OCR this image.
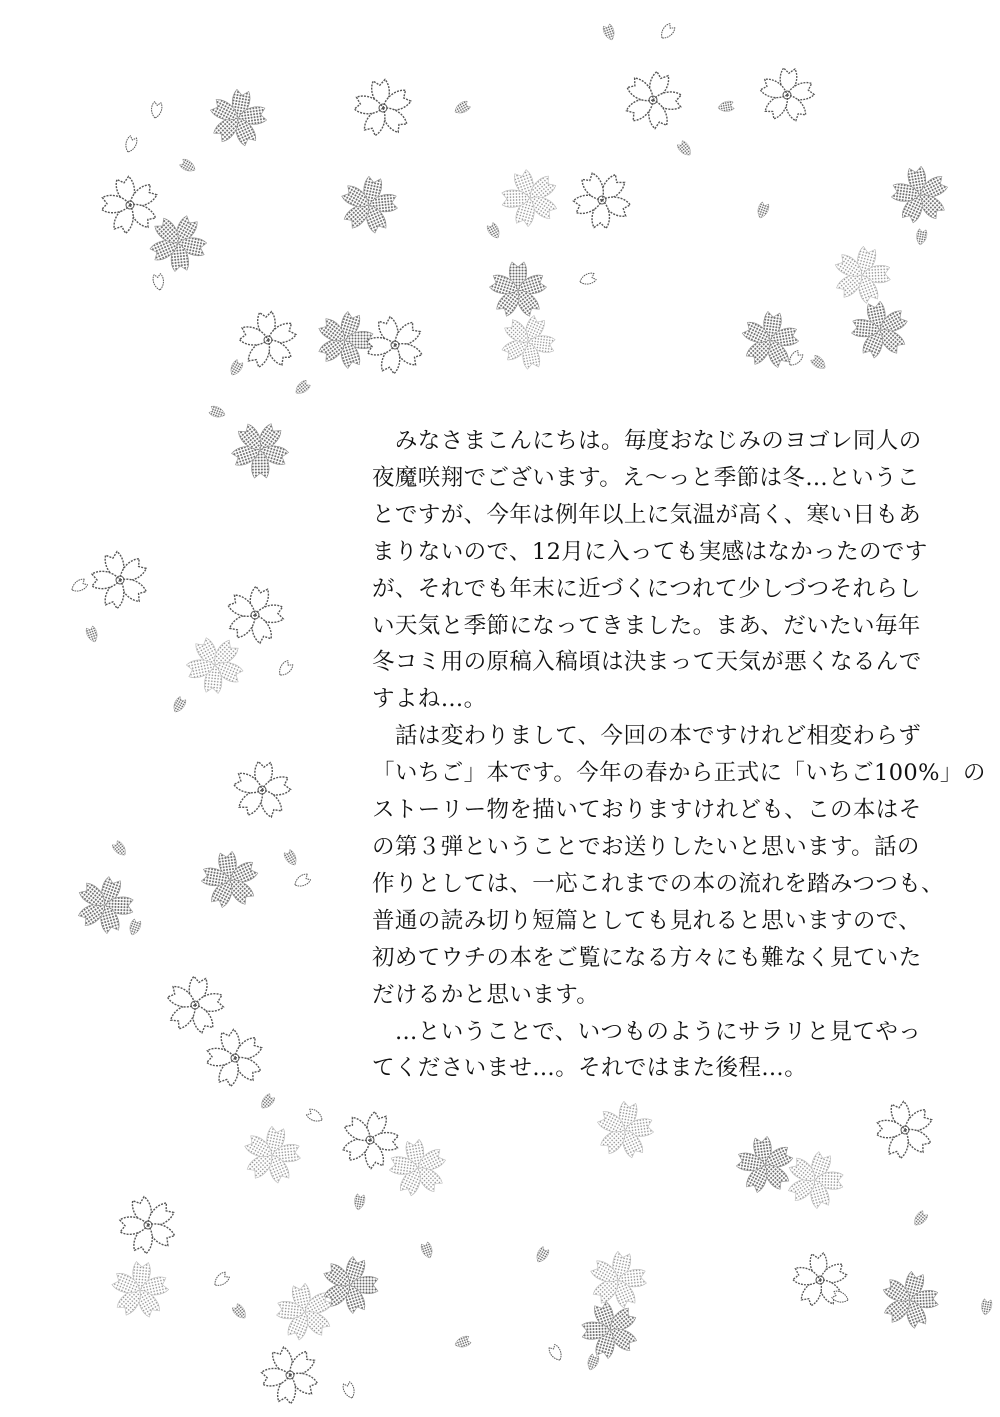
　みなさまこんにちは。毎度おなじみのヨゴレ同人の

夜魔咲翔でございます。え～っと季節は冬…というこ

とですが、今年は例年以上に気温が高く、寒い日もあ

まりないので、12月に入っても実感はなかったのです

が、それでも年末に近づくにつれて少しづつそれらし

い天気と季節になってきました。まあ、だいたい毎年

冬コミ用の原稿入稿頃は決まって天気が悪くなるんで

すよね…。

　話は変わりまして、今回の本ですけれど相変わらず

「いちご」本です。今年の春から正式に「いちご100%」の

ストーリー物を描いておりますけれども、この本はそ

の第３弾ということでお送りしたいと思います。話の

作りとしては、一応これまでの本の流れを踏みつつも、

普通の読み切り短篇としても見れると思いますので、

初めてウチの本をご覧になる方々にも難なく見ていた

だけるかと思います。

　…ということで、いつものようにサラリと見てやっ

てくださいませ…。それではまた後程…。
